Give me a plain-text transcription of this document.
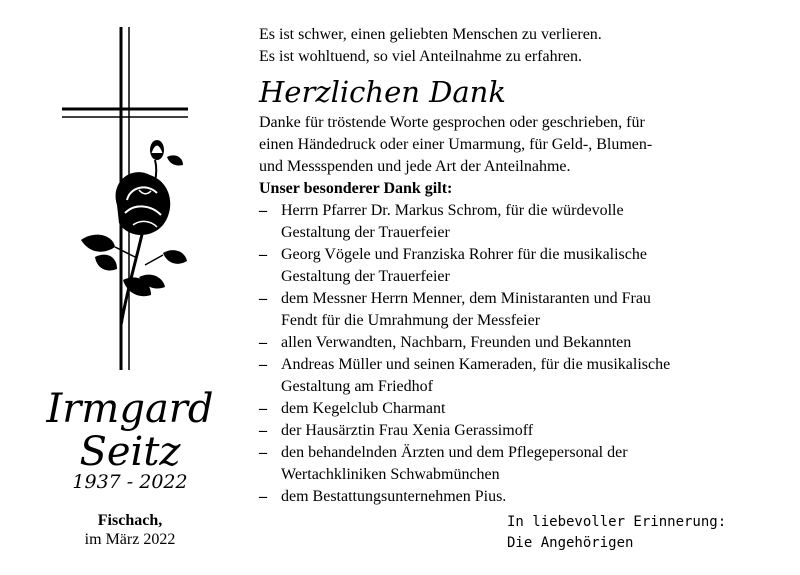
Irmgard
Seitz
1937 - 2022
Fischach,
im März 2022

Es ist schwer, einen geliebten Menschen zu verlieren.

Es ist wohltuend, so viel Anteilnahme zu erfahren.

Herzlichen Dank

Danke für tröstende Worte gesprochen oder geschrieben, für

einen Händedruck oder einer Umarmung, für Geld-, Blumen-

und Messspenden und jede Art der Anteilnahme.

Unser besonderer Dank gilt:

– Herrn Pfarrer Dr. Markus Schrom, für die würdevolle
Gestaltung der Trauerfeier
– Georg Vögele und Franziska Rohrer für die musikalische
Gestaltung der Trauerfeier
– dem Messner Herrn Menner, dem Ministaranten und Frau
Fendt für die Umrahmung der Messfeier
– allen Verwandten, Nachbarn, Freunden und Bekannten
– Andreas Müller und seinen Kameraden, für die musikalische
Gestaltung am Friedhof
– dem Kegelclub Charmant
– der Hausärztin Frau Xenia Gerassimoff
– den behandelnden Ärzten und dem Pflegepersonal der
Wertachkliniken Schwabmünchen
– dem Bestattungsunternehmen Pius.
In liebevoller Erinnerung:
Die Angehörigen
